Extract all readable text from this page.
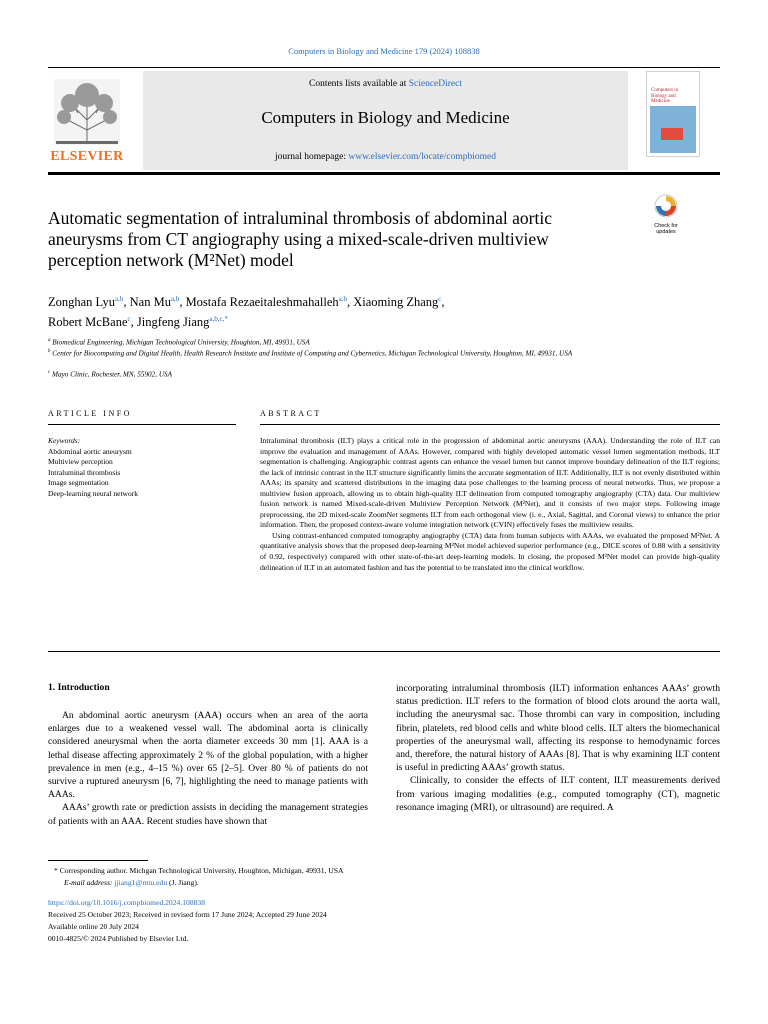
Computers in Biology and Medicine 179 (2024) 108838
ELSEVIER
Contents lists available at ScienceDirect
Computers in Biology and Medicine
journal homepage: www.elsevier.com/locate/compbiomed
Computers in Biology and Medicine
Automatic segmentation of intraluminal thrombosis of abdominal aortic aneurysms from CT angiography using a mixed-scale-driven multiview perception network (M²Net) model
Check for
updates
Zonghan Lyu$^{a,b}$, Nan Mu$^{a,b}$, Mostafa Rezaeitaleshmahalleh$^{a,b}$, Xiaoming Zhang$^c$,
Robert McBane$^c$, Jingfeng Jiang$^{a,b,c,*}$
$^a$ Biomedical Engineering, Michigan Technological University, Houghton, MI, 49931, USA
$^b$ Center for Biocomputing and Digital Health, Health Research Institute and Institute of Computing and Cybernetics, Michigan Technological University, Houghton, MI, 49931, USA
$^c$ Mayo Clinic, Rochester, MN, 55902, USA
ARTICLE INFO	ABSTRACT
Keywords:
Abdominal aortic aneurysm
Multiview perception
Intraluminal thrombosis
Image segmentation
Deep-learning neural network

Intraluminal thrombosis (ILT) plays a critical role in the progression of abdominal aortic aneurysms (AAA). Understanding the role of ILT can improve the evaluation and management of AAAs. However, compared with highly developed automatic vessel lumen segmentation methods, ILT segmentation is challenging. Angiographic contrast agents can enhance the vessel lumen but cannot improve boundary delineation of the ILT regions; the lack of intrinsic contrast in the ILT structure significantly limits the accurate segmentation of ILT. Additionally, ILT is not evenly distributed within AAAs; its sparsity and scattered distributions in the imaging data pose challenges to the learning process of neural networks. Thus, we propose a multiview fusion approach, allowing us to obtain high-quality ILT delineation from computed tomography angiography (CTA) data. Our multiview fusion network is named Mixed-scale-driven Multiview Perception Network (M²Net), and it consists of two major steps. Following image preprocessing, the 2D mixed-scale ZoomNet segments ILT from each orthogonal view (i. e., Axial, Sagittal, and Coronal views) to enhance the prior information. Then, the proposed context-aware volume integration network (CVIN) effectively fuses the multiview results.

Using contrast-enhanced computed tomography angiography (CTA) data from human subjects with AAAs, we evaluated the proposed M²Net. A quantitative analysis shows that the proposed deep-learning M²Net model achieved superior performance (e.g., DICE scores of 0.88 with a sensitivity of 0.92, respectively) compared with other state-of-the-art deep-learning models. In closing, the proposed M²Net model can provide high-quality delineation of ILT in an automated fashion and has the potential to be translated into the clinical workflow.

1. Introduction

An abdominal aortic aneurysm (AAA) occurs when an area of the aorta enlarges due to a weakened vessel wall. The abdominal aorta is clinically considered aneurysmal when the aorta diameter exceeds 30 mm [1]. AAA is a lethal disease affecting approximately 2 % of the global population, with a higher prevalence in men (e.g., 4–15 %) over 65 [2–5]. Over 80 % of patients do not survive a ruptured aneurysm [6, 7], highlighting the need to manage patients with AAAs.

AAAs’ growth rate or prediction assists in deciding the management strategies of patients with an AAA. Recent studies have shown that

incorporating intraluminal thrombosis (ILT) information enhances AAAs’ growth status prediction. ILT refers to the formation of blood clots around the aorta wall, including the aneurysmal sac. Those thrombi can vary in composition, including fibrin, platelets, red blood cells and white blood cells. ILT alters the biomechanical properties of the aneurysmal wall, affecting its response to hemodynamic forces and, therefore, the natural history of AAAs [8]. That is why examining ILT content is useful in predicting AAAs’ growth status.

Clinically, to consider the effects of ILT content, ILT measurements derived from various imaging modalities (e.g., computed tomography (CT), magnetic resonance imaging (MRI), or ultrasound) are required. A

* Corresponding author. Michgan Technological University, Houghton, Michigan, 49931, USA
E-mail address: jjiang1@mtu.edu (J. Jiang).
https://doi.org/10.1016/j.compbiomed.2024.108838
Received 25 October 2023; Received in revised form 17 June 2024; Accepted 29 June 2024
Available online 20 July 2024
0010-4825/© 2024 Published by Elsevier Ltd.
